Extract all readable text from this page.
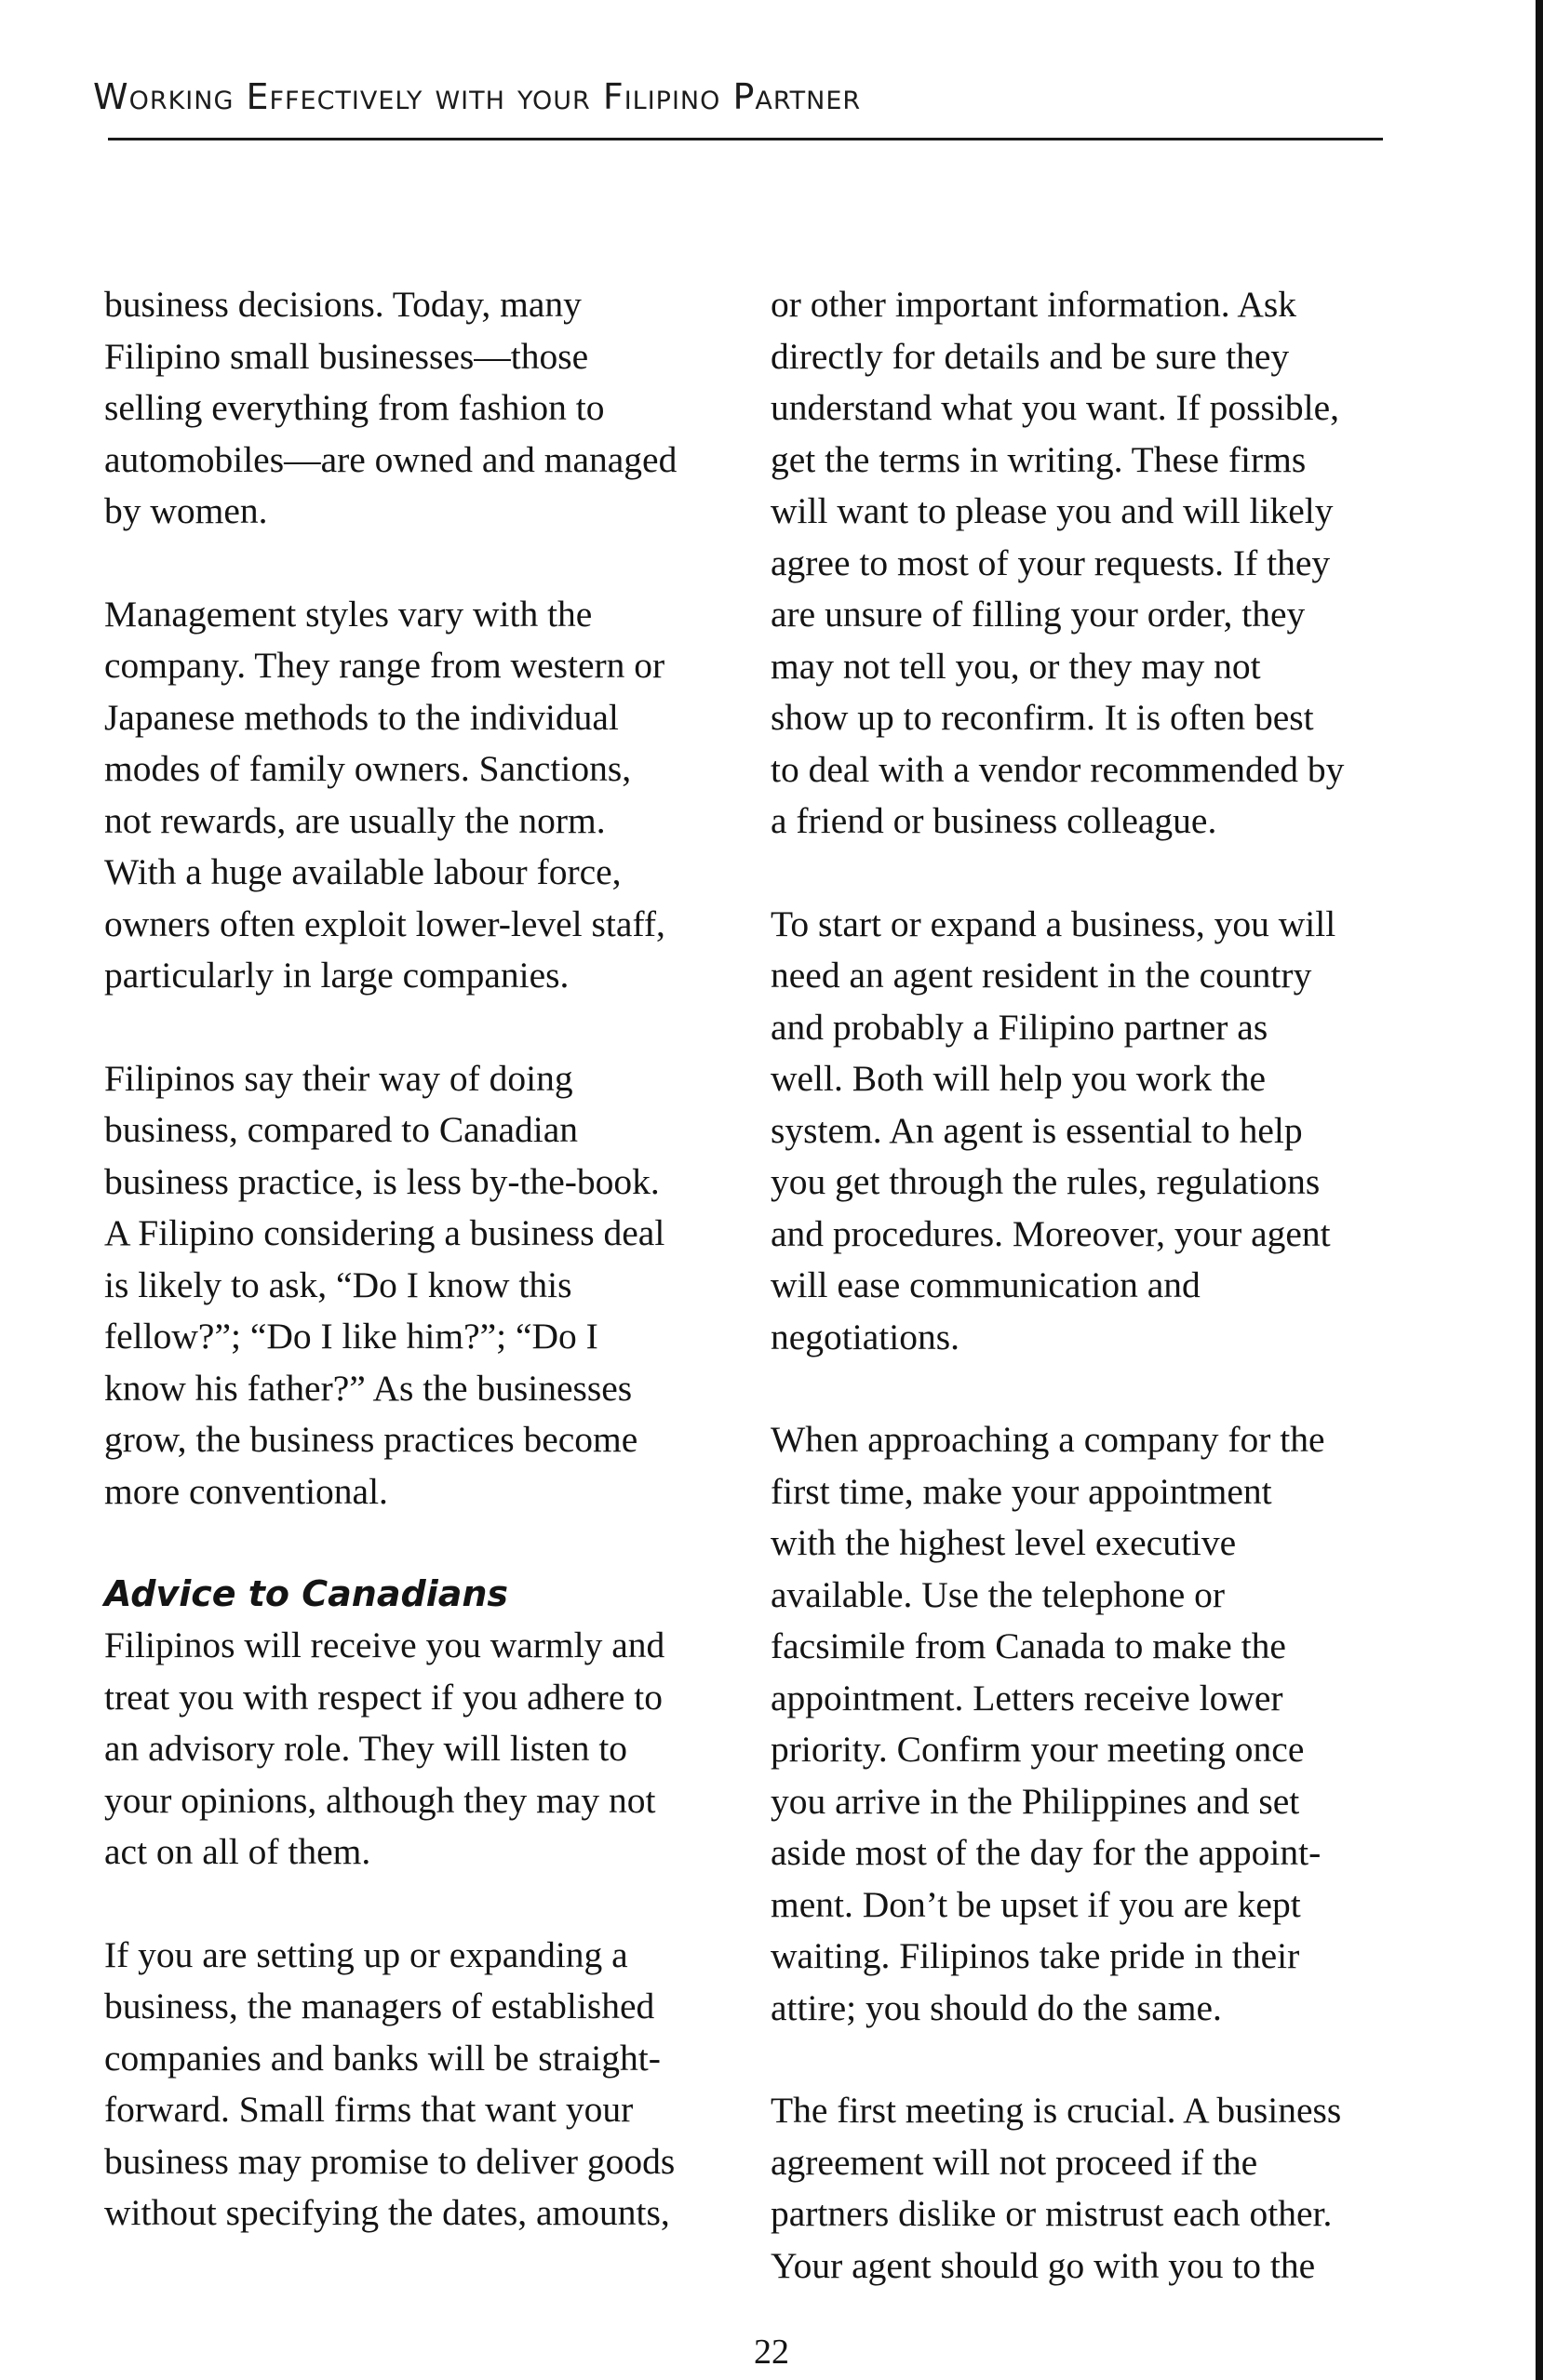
Working Effectively with your Filipino Partner

business decisions. Today, many
Filipino small businesses—those
selling everything from fashion to
automobiles—are owned and managed
by women.

Management styles vary with the
company. They range from western or
Japanese methods to the individual
modes of family owners. Sanctions,
not rewards, are usually the norm.
With a huge available labour force,
owners often exploit lower-level staff,
particularly in large companies.

Filipinos say their way of doing
business, compared to Canadian
business practice, is less by-the-book.
A Filipino considering a business deal
is likely to ask, “Do I know this
fellow?”; “Do I like him?”; “Do I
know his father?” As the businesses
grow, the business practices become
more conventional.

Advice to Canadians

Filipinos will receive you warmly and
treat you with respect if you adhere to
an advisory role. They will listen to
your opinions, although they may not
act on all of them.

If you are setting up or expanding a
business, the managers of established
companies and banks will be straight-
forward. Small firms that want your
business may promise to deliver goods
without specifying the dates, amounts,

or other important information. Ask
directly for details and be sure they
understand what you want. If possible,
get the terms in writing. These firms
will want to please you and will likely
agree to most of your requests. If they
are unsure of filling your order, they
may not tell you, or they may not
show up to reconfirm. It is often best
to deal with a vendor recommended by
a friend or business colleague.

To start or expand a business, you will
need an agent resident in the country
and probably a Filipino partner as
well. Both will help you work the
system. An agent is essential to help
you get through the rules, regulations
and procedures. Moreover, your agent
will ease communication and
negotiations.

When approaching a company for the
first time, make your appointment
with the highest level executive
available. Use the telephone or
facsimile from Canada to make the
appointment. Letters receive lower
priority. Confirm your meeting once
you arrive in the Philippines and set
aside most of the day for the appoint-
ment. Don’t be upset if you are kept
waiting. Filipinos take pride in their
attire; you should do the same.

The first meeting is crucial. A business
agreement will not proceed if the
partners dislike or mistrust each other.
Your agent should go with you to the

22
